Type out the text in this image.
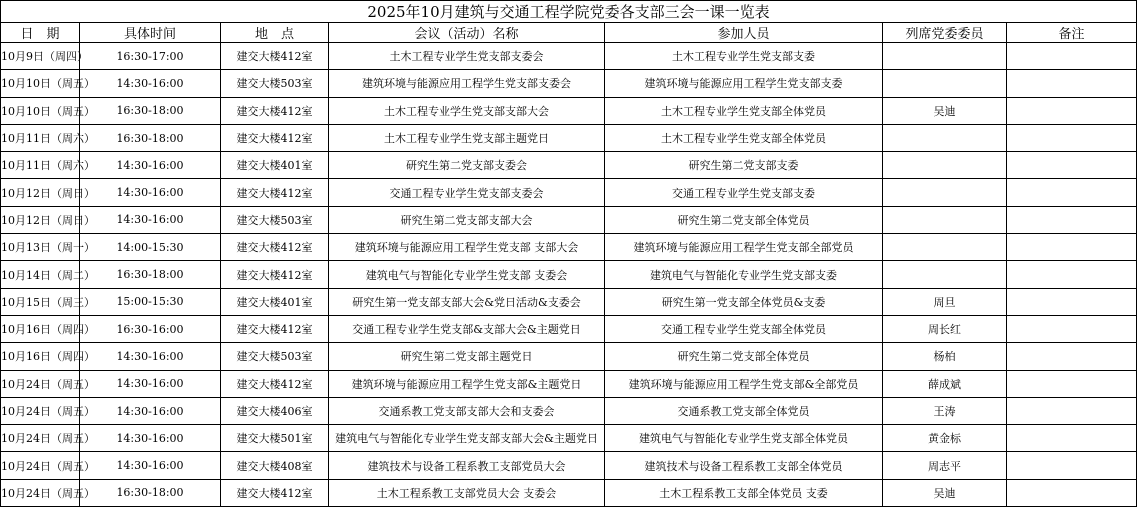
2025年10月建筑与交通工程学院党委各支部三会一课一览表						
日　期	具体时间	地　点	会议（活动）名称	参加人员	列席党委委员	备注
10月9日（周四）	16:30-17:00	建交大楼412室	土木工程专业学生党支部支委会	土木工程专业学生党支部支委		
10月10日（周五）	14:30-16:00	建交大楼503室	建筑环境与能源应用工程学生党支部支委会	建筑环境与能源应用工程学生党支部支委		
10月10日（周五）	16:30-18:00	建交大楼412室	土木工程专业学生党支部支部大会	土木工程专业学生党支部全体党员	吴迪	
10月11日（周六）	16:30-18:00	建交大楼412室	土木工程专业学生党支部主题党日	土木工程专业学生党支部全体党员		
10月11日（周六）	14:30-16:00	建交大楼401室	研究生第二党支部支委会	研究生第二党支部支委		
10月12日（周日）	14:30-16:00	建交大楼412室	交通工程专业学生党支部支委会	交通工程专业学生党支部支委		
10月12日（周日）	14:30-16:00	建交大楼503室	研究生第二党支部支部大会	研究生第二党支部全体党员		
10月13日（周一）	14:00-15:30	建交大楼412室	建筑环境与能源应用工程学生党支部 支部大会	建筑环境与能源应用工程学生党支部全部党员		
10月14日（周二）	16:30-18:00	建交大楼412室	建筑电气与智能化专业学生党支部 支委会	建筑电气与智能化专业学生党支部支委		
10月15日（周三）	15:00-15:30	建交大楼401室	研究生第一党支部支部大会&党日活动&支委会	研究生第一党支部全体党员&支委	周旦	
10月16日（周四）	16:30-16:00	建交大楼412室	交通工程专业学生党支部&支部大会&主题党日	交通工程专业学生党支部全体党员	周长红	
10月16日（周四）	14:30-16:00	建交大楼503室	研究生第二党支部主题党日	研究生第二党支部全体党员	杨柏	
10月24日（周五）	14:30-16:00	建交大楼412室	建筑环境与能源应用工程学生党支部&主题党日	建筑环境与能源应用工程学生党支部&全部党员	薛成斌	
10月24日（周五）	14:30-16:00	建交大楼406室	交通系教工党支部支部大会和支委会	交通系教工党支部全体党员	王涛	
10月24日（周五）	14:30-16:00	建交大楼501室	建筑电气与智能化专业学生党支部支部大会&主题党日	建筑电气与智能化专业学生党支部全体党员	黄金标	
10月24日（周五）	14:30-16:00	建交大楼408室	建筑技术与设备工程系教工支部党员大会	建筑技术与设备工程系教工支部全体党员	周志平	
10月24日（周五）	16:30-18:00	建交大楼412室	土木工程系教工支部党员大会 支委会	土木工程系教工支部全体党员 支委	吴迪	
